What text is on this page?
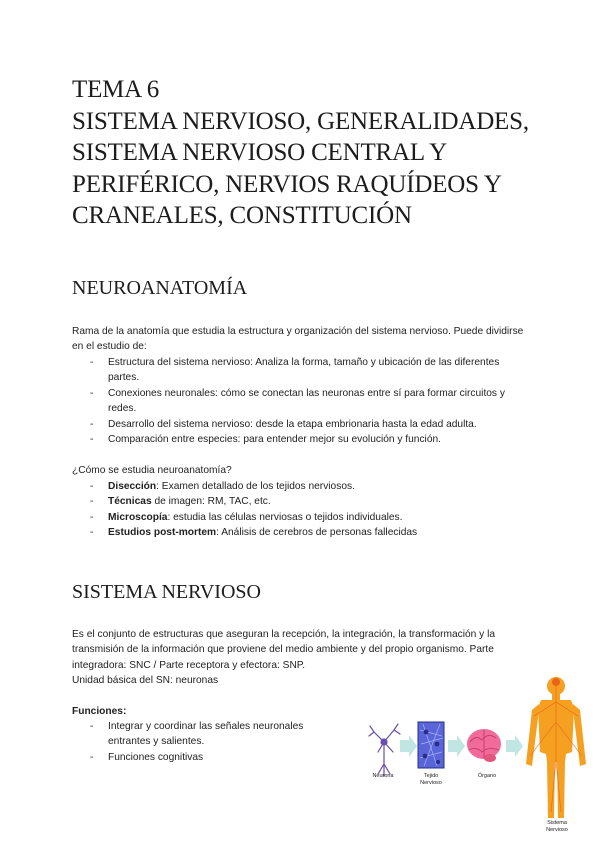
TEMA 6
SISTEMA NERVIOSO, GENERALIDADES,
SISTEMA NERVIOSO CENTRAL Y
PERIFÉRICO, NERVIOS RAQUÍDEOS Y
CRANEALES, CONSTITUCIÓN
NEUROANATOMÍA

Rama de la anatomía que estudia la estructura y organización del sistema nervioso. Puede dividirse en el estudio de:

- Estructura del sistema nervioso: Analiza la forma, tamaño y ubicación de las diferentes partes.
- Conexiones neuronales: cómo se conectan las neuronas entre sí para formar circuitos y redes.
- Desarrollo del sistema nervioso: desde la etapa embrionaria hasta la edad adulta.
- Comparación entre especies: para entender mejor su evolución y función.

¿Cómo se estudia neuroanatomía?

- Disección: Examen detallado de los tejidos nerviosos.
- Técnicas de imagen: RM, TAC, etc.
- Microscopía: estudia las células nerviosas o tejidos individuales.
- Estudios post-mortem: Análisis de cerebros de personas fallecidas
SISTEMA NERVIOSO

Es el conjunto de estructuras que aseguran la recepción, la integración, la transformación y la transmisión de la información que proviene del medio ambiente y del propio organismo. Parte integradora: SNC / Parte receptora y efectora: SNP.

Unidad básica del SN: neuronas

Funciones:

- Integrar y coordinar las señales neuronales entrantes y salientes.
- Funciones cognitivas
Neurona	Tejido
Nervioso
Órgano
Sistema
Nervioso
